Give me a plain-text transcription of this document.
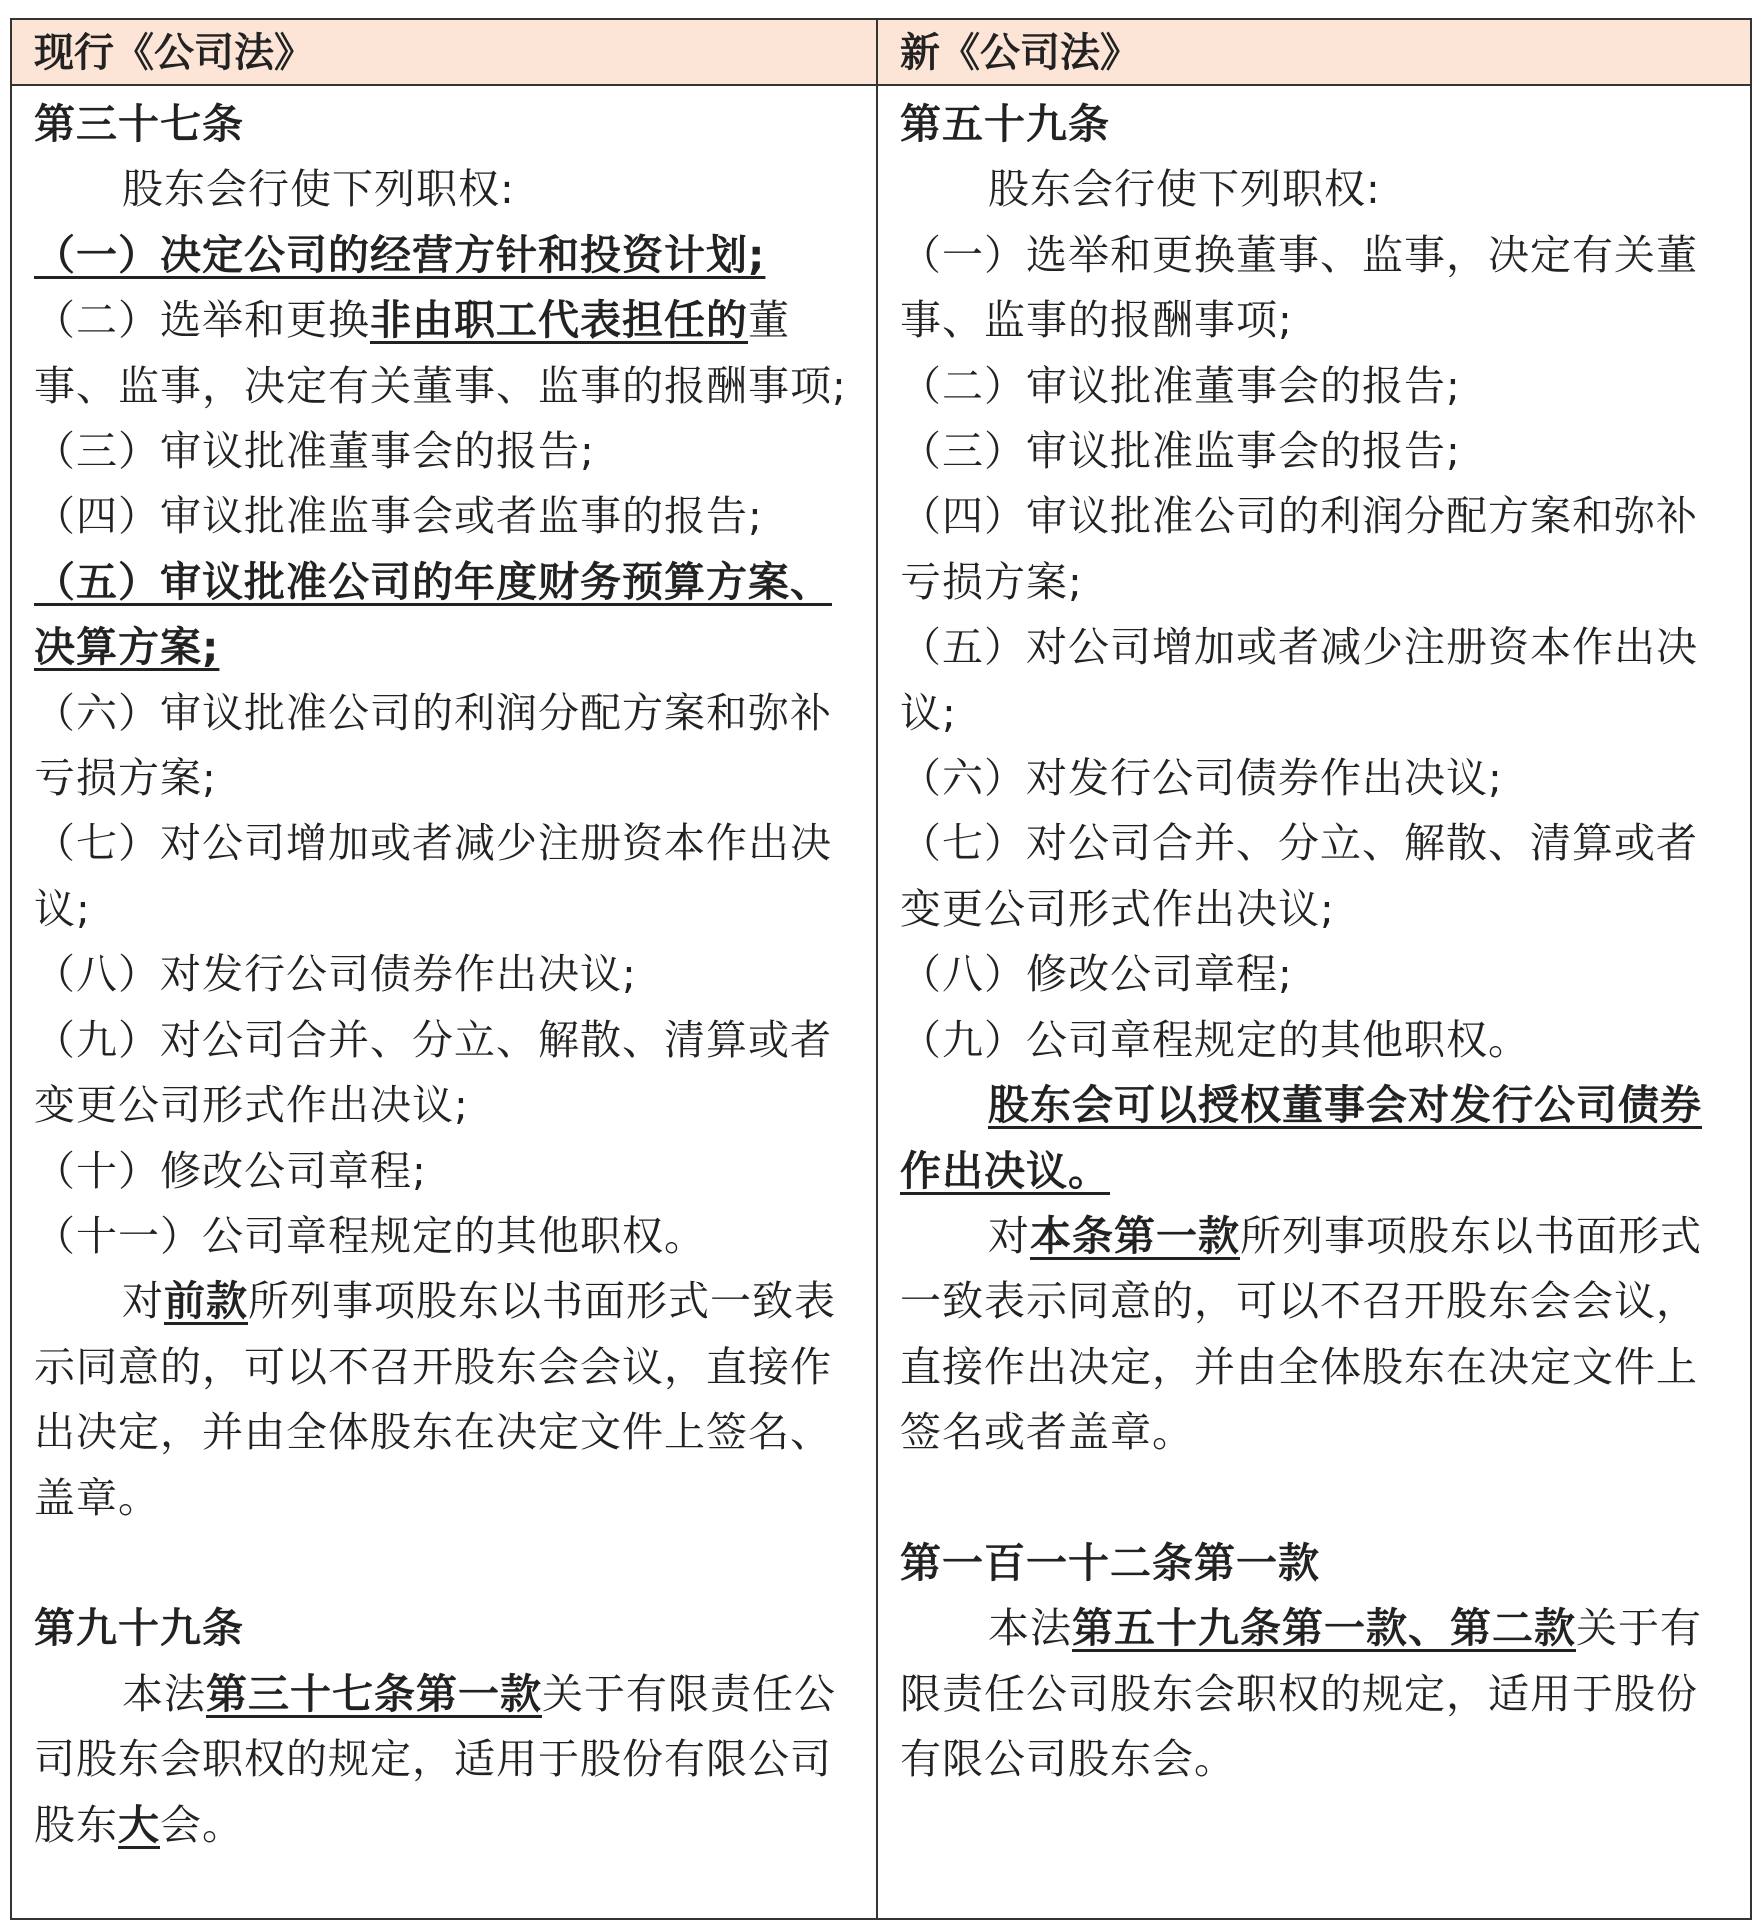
现行《公司法》	新《公司法》

第三十七条

股东会行使下列职权:

（一）决定公司的经营方针和投资计划;

（二）选举和更换非由职工代表担任的董事、监事，决定有关董事、监事的报酬事项;

（三）审议批准董事会的报告;

（四）审议批准监事会或者监事的报告;

（五）审议批准公司的年度财务预算方案、决算方案;

（六）审议批准公司的利润分配方案和弥补亏损方案;

（七）对公司增加或者减少注册资本作出决议;

（八）对发行公司债券作出决议;

（九）对公司合并、分立、解散、清算或者变更公司形式作出决议;

（十）修改公司章程;

（十一）公司章程规定的其他职权。

对前款所列事项股东以书面形式一致表示同意的，可以不召开股东会会议，直接作出决定，并由全体股东在决定文件上签名、盖章。

第九十九条

本法第三十七条第一款关于有限责任公司股东会职权的规定，适用于股份有限公司股东大会。

第五十九条

股东会行使下列职权:

（一）选举和更换董事、监事，决定有关董事、监事的报酬事项;

（二）审议批准董事会的报告;

（三）审议批准监事会的报告;

（四）审议批准公司的利润分配方案和弥补亏损方案;

（五）对公司增加或者减少注册资本作出决议;

（六）对发行公司债券作出决议;

（七）对公司合并、分立、解散、清算或者变更公司形式作出决议;

（八）修改公司章程;

（九）公司章程规定的其他职权。

股东会可以授权董事会对发行公司债券作出决议。

对本条第一款所列事项股东以书面形式一致表示同意的，可以不召开股东会会议，直接作出决定，并由全体股东在决定文件上签名或者盖章。

第一百一十二条第一款

本法第五十九条第一款、第二款关于有限责任公司股东会职权的规定，适用于股份有限公司股东会。
